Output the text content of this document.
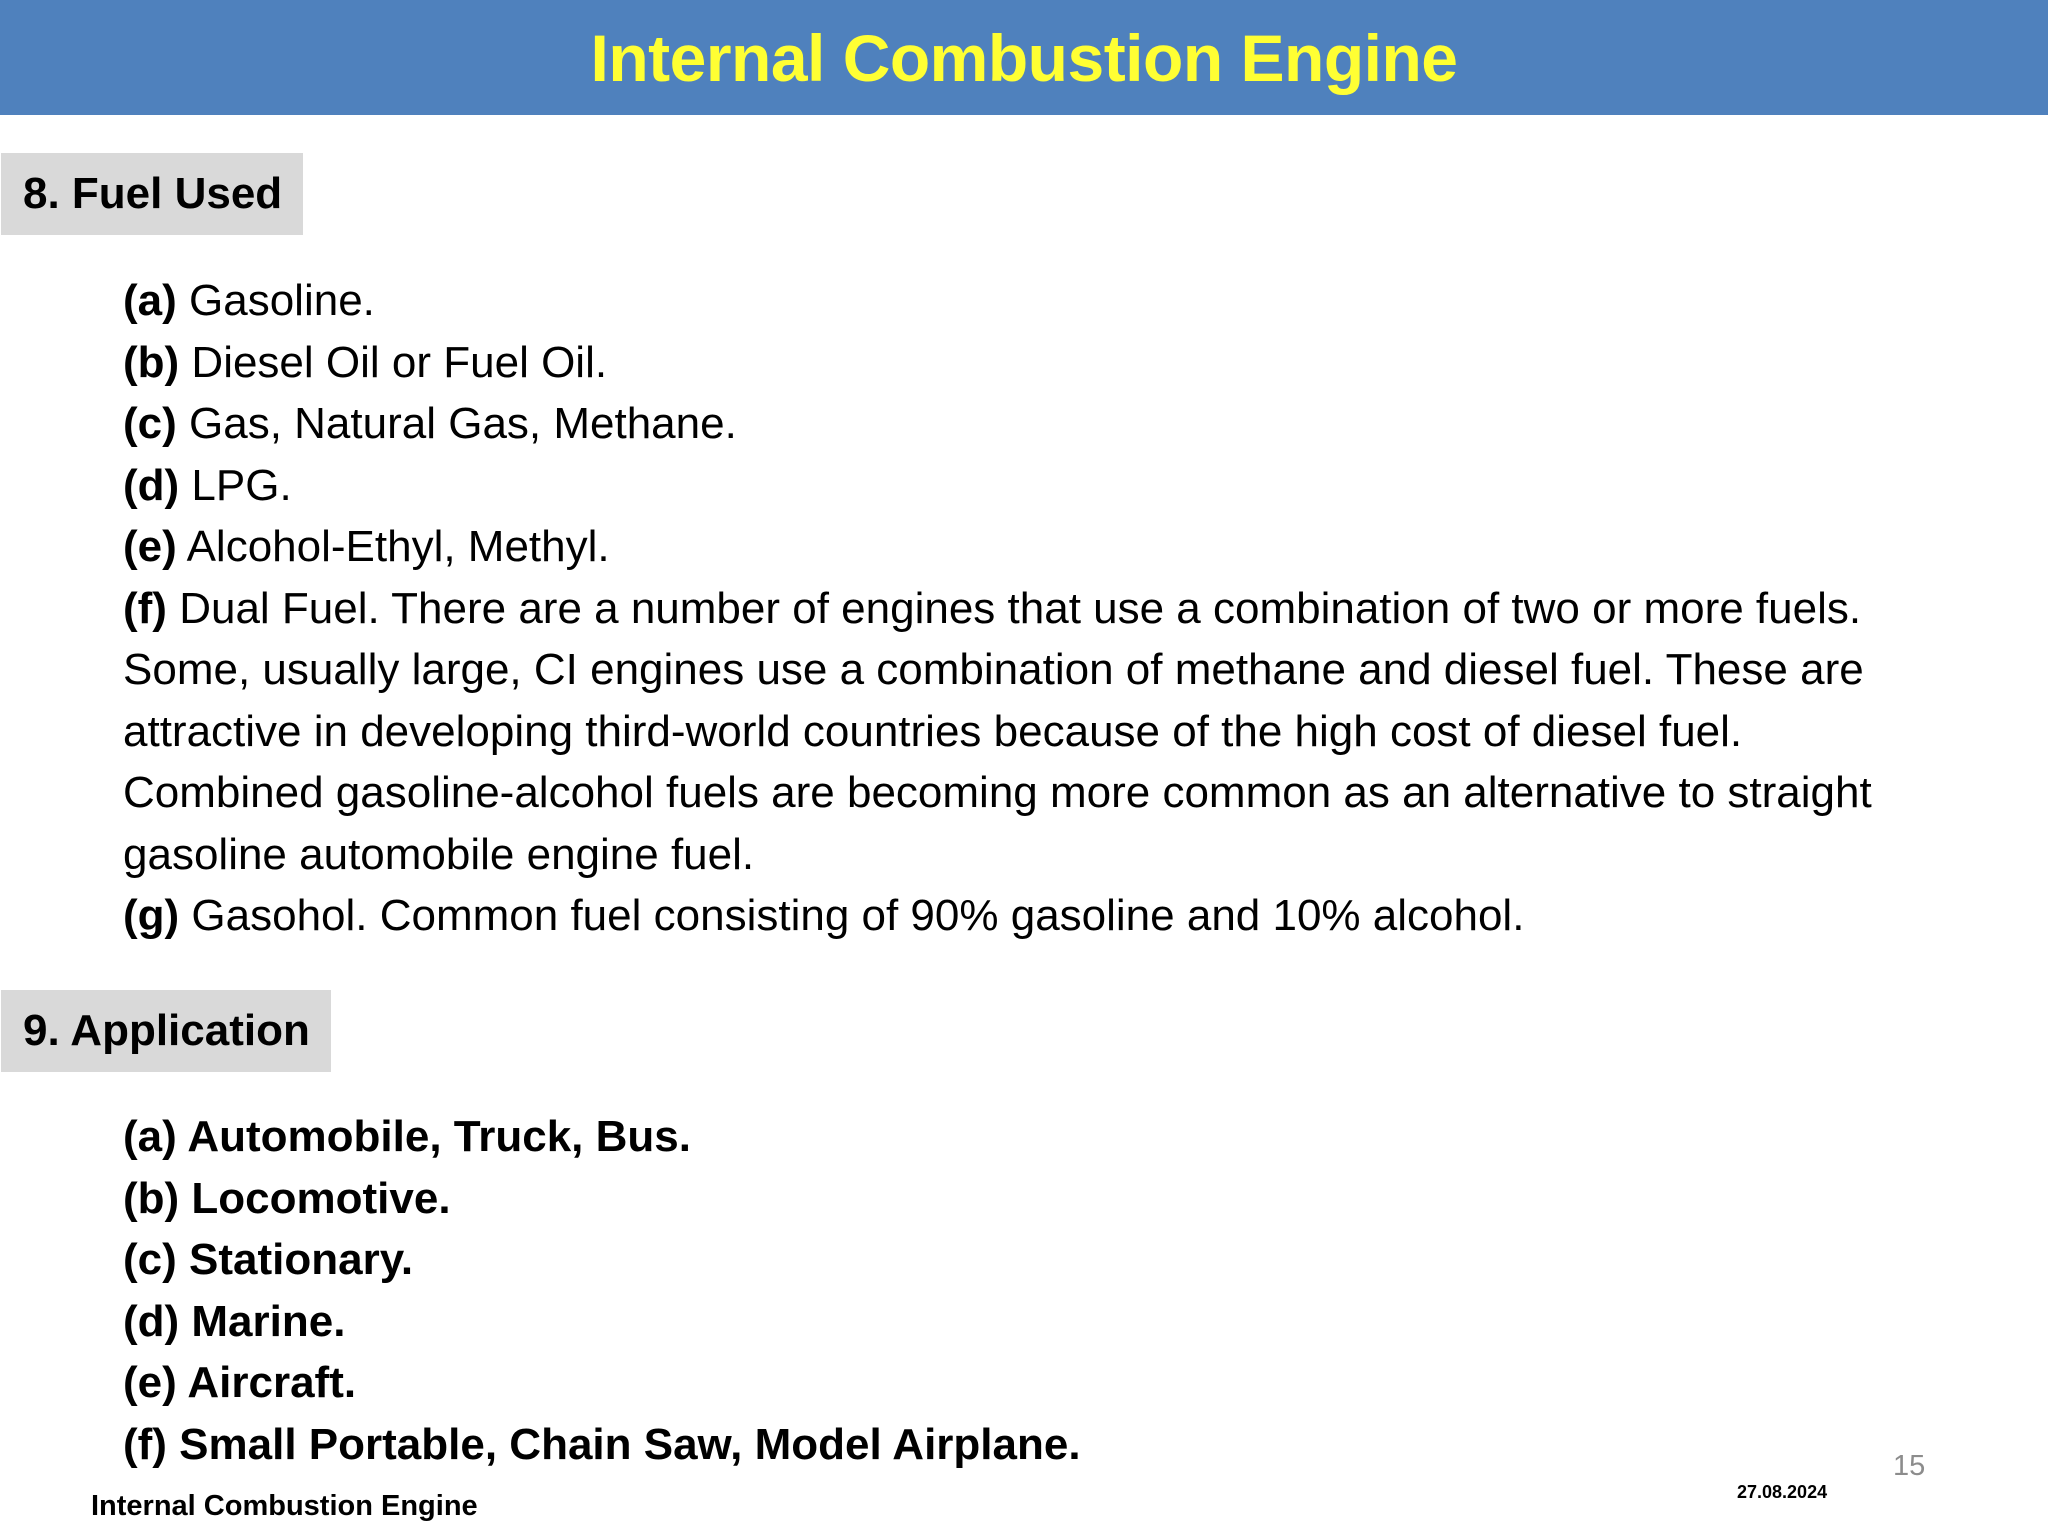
Internal Combustion Engine
8. Fuel Used
(a) Gasoline.
(b) Diesel Oil or Fuel Oil.
(c) Gas, Natural Gas, Methane.
(d) LPG.
(e) Alcohol-Ethyl, Methyl.
(f) Dual Fuel. There are a number of engines that use a combination of two or more fuels. Some, usually large, CI engines use a combination of methane and diesel fuel. These are attractive in developing third-world countries because of the high cost of diesel fuel. Combined gasoline-alcohol fuels are becoming more common as an alternative to straight gasoline automobile engine fuel.
(g) Gasohol. Common fuel consisting of 90% gasoline and 10% alcohol.
9. Application
(a) Automobile, Truck, Bus.
(b) Locomotive.
(c) Stationary.
(d) Marine.
(e) Aircraft.
(f) Small Portable, Chain Saw, Model Airplane.
Internal Combustion Engine	27.08.2024
15
